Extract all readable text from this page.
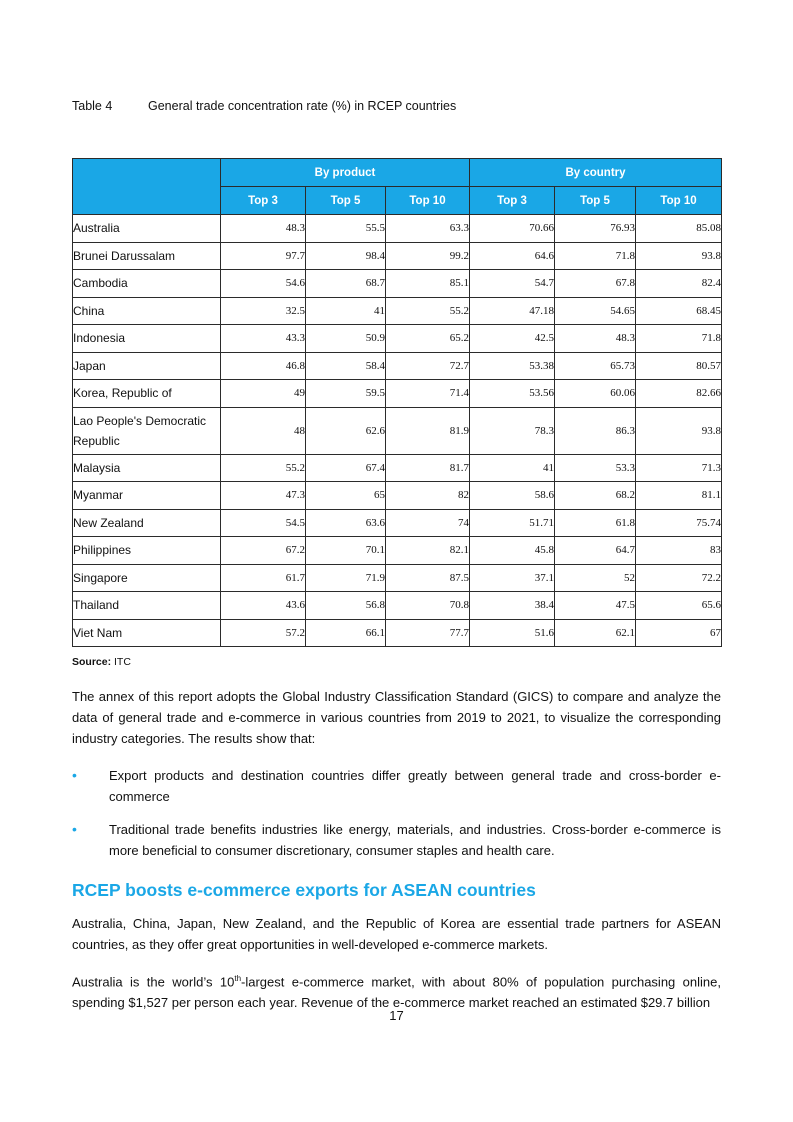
Table 4	General trade concentration rate (%) in RCEP countries
	By product			By country		
	Top 3	Top 5	Top 10	Top 3	Top 5	Top 10
Australia	48.3	55.5	63.3	70.66	76.93	85.08
Brunei Darussalam	97.7	98.4	99.2	64.6	71.8	93.8
Cambodia	54.6	68.7	85.1	54.7	67.8	82.4
China	32.5	41	55.2	47.18	54.65	68.45
Indonesia	43.3	50.9	65.2	42.5	48.3	71.8
Japan	46.8	58.4	72.7	53.38	65.73	80.57
Korea, Republic of	49	59.5	71.4	53.56	60.06	82.66
Lao People's Democratic Republic	48	62.6	81.9	78.3	86.3	93.8
Malaysia	55.2	67.4	81.7	41	53.3	71.3
Myanmar	47.3	65	82	58.6	68.2	81.1
New Zealand	54.5	63.6	74	51.71	61.8	75.74
Philippines	67.2	70.1	82.1	45.8	64.7	83
Singapore	61.7	71.9	87.5	37.1	52	72.2
Thailand	43.6	56.8	70.8	38.4	47.5	65.6
Viet Nam	57.2	66.1	77.7	51.6	62.1	67
Source: ITC

The annex of this report adopts the Global Industry Classification Standard (GICS) to compare and analyze the data of general trade and e-commerce in various countries from 2019 to 2021, to visualize the corresponding industry categories. The results show that:

• Export products and destination countries differ greatly between general trade and cross-border e-commerce
• Traditional trade benefits industries like energy, materials, and industries. Cross-border e-commerce is more beneficial to consumer discretionary, consumer staples and health care.
RCEP boosts e-commerce exports for ASEAN countries

Australia, China, Japan, New Zealand, and the Republic of Korea are essential trade partners for ASEAN countries, as they offer great opportunities in well-developed e-commerce markets.

Australia is the world’s 10th-largest e-commerce market, with about 80% of population purchasing online, spending $1,527 per person each year. Revenue of the e-commerce market reached an estimated $29.7 billion

17
